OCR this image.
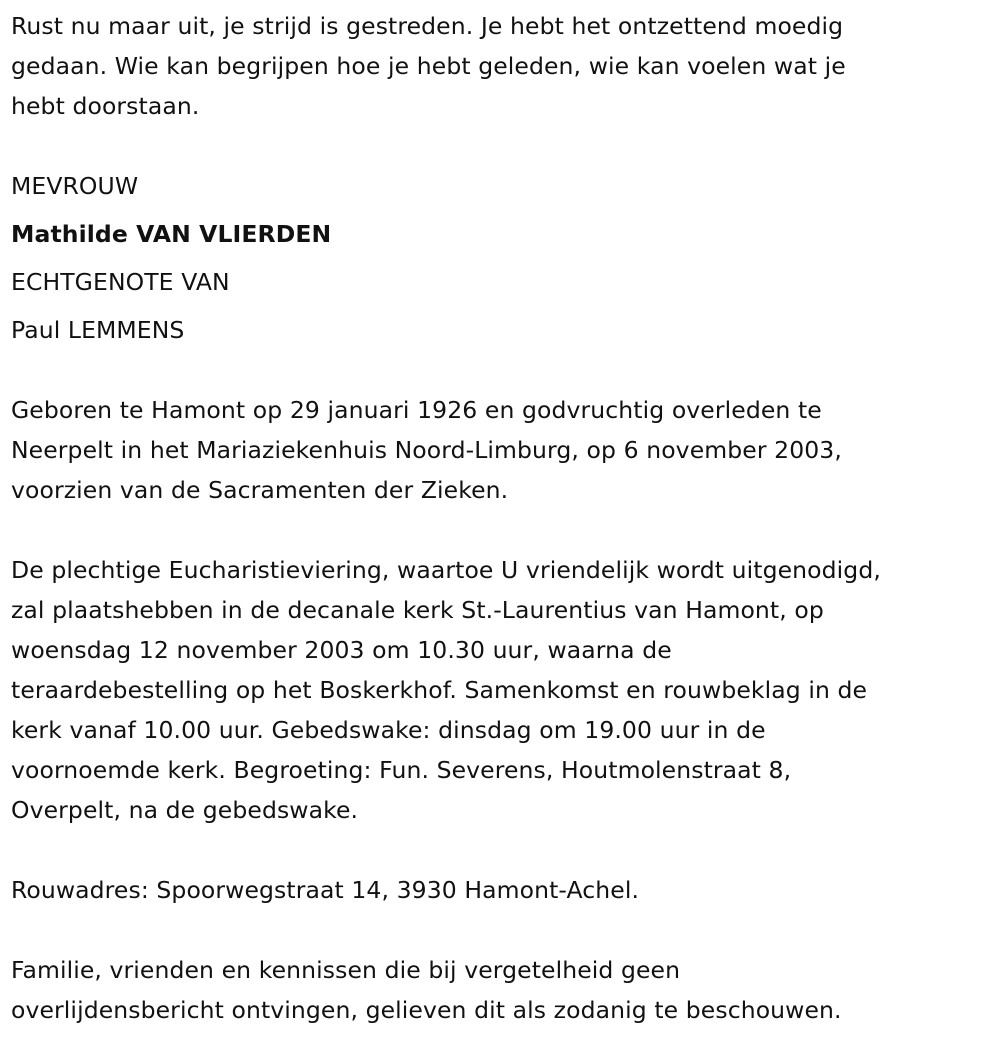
Rust nu maar uit, je strijd is gestreden. Je hebt het ontzettend moedig
gedaan. Wie kan begrijpen hoe je hebt geleden, wie kan voelen wat je
hebt doorstaan.

MEVROUW
Mathilde VAN VLIERDEN
ECHTGENOTE VAN
Paul LEMMENS

Geboren te Hamont op 29 januari 1926 en godvruchtig overleden te
Neerpelt in het Mariaziekenhuis Noord-Limburg, op 6 november 2003,
voorzien van de Sacramenten der Zieken.

De plechtige Eucharistieviering, waartoe U vriendelijk wordt uitgenodigd,
zal plaatshebben in de decanale kerk St.-Laurentius van Hamont, op
woensdag 12 november 2003 om 10.30 uur, waarna de
teraardebestelling op het Boskerkhof. Samenkomst en rouwbeklag in de
kerk vanaf 10.00 uur. Gebedswake: dinsdag om 19.00 uur in de
voornoemde kerk. Begroeting: Fun. Severens, Houtmolenstraat 8,
Overpelt, na de gebedswake.

Rouwadres: Spoorwegstraat 14, 3930 Hamont-Achel.

Familie, vrienden en kennissen die bij vergetelheid geen
overlijdensbericht ontvingen, gelieven dit als zodanig te beschouwen.
